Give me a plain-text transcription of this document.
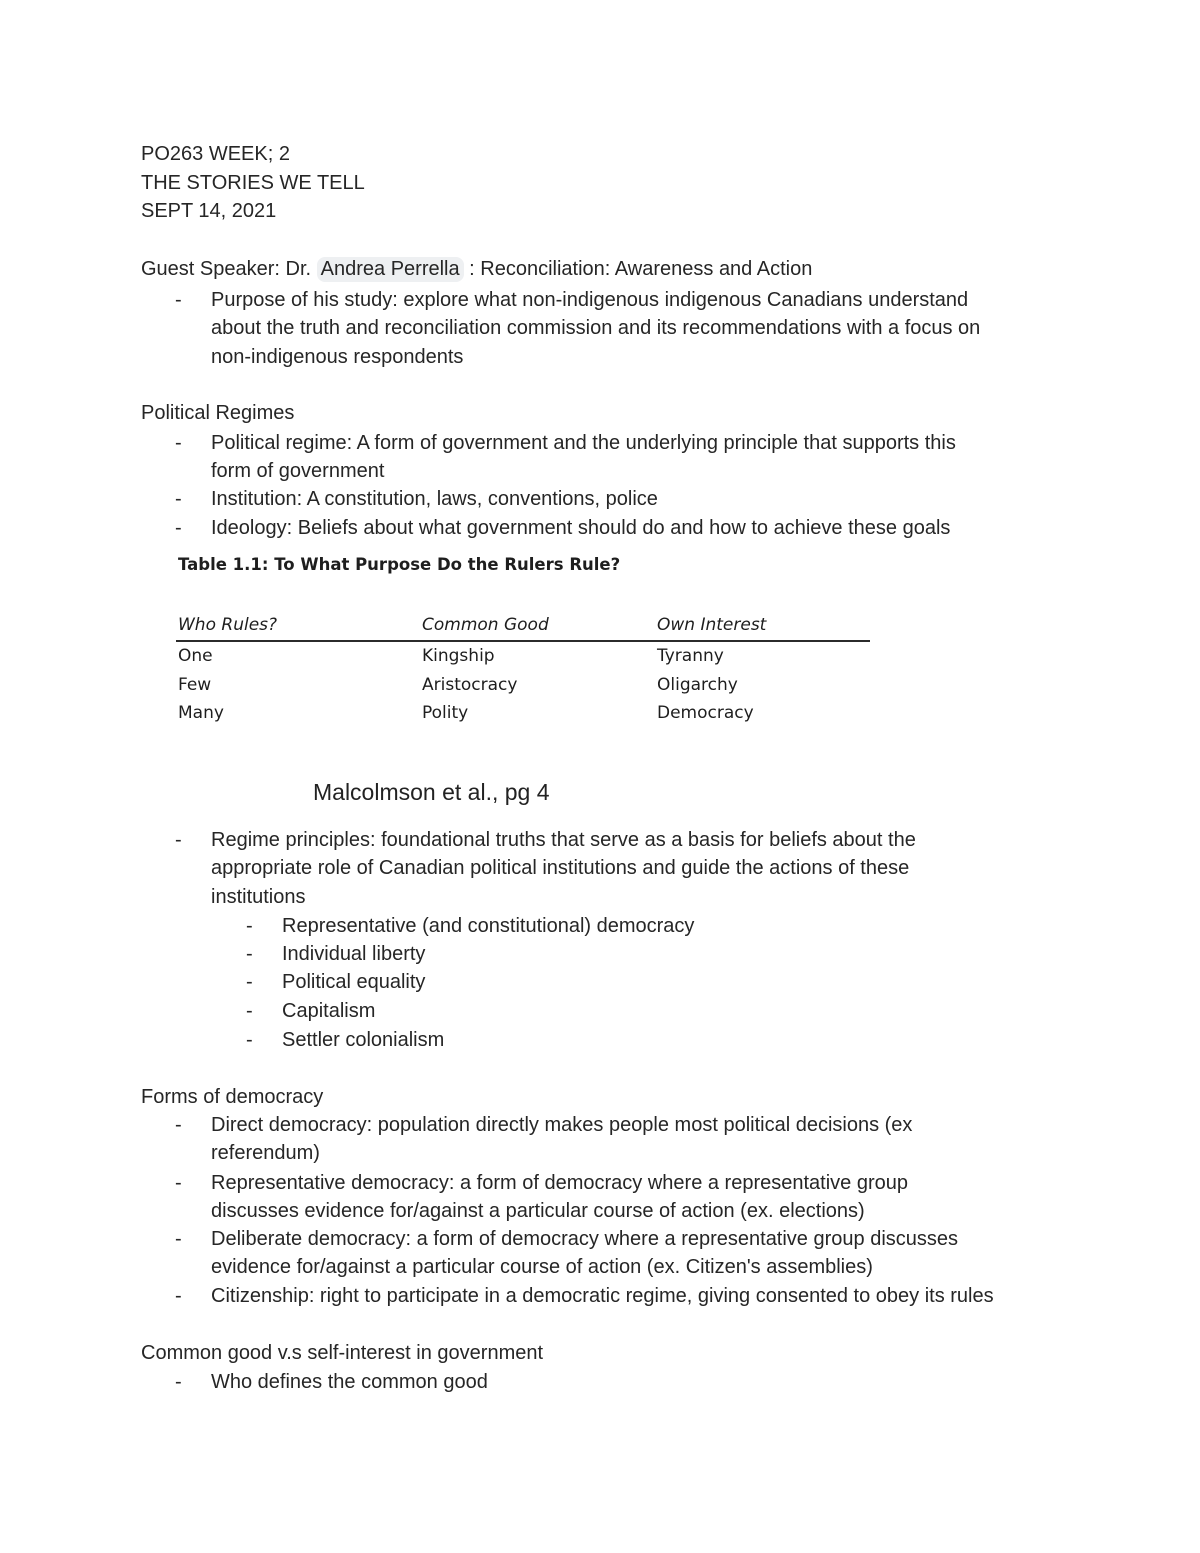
PO263 WEEK; 2
THE STORIES WE TELL
SEPT 14, 2021
Guest Speaker: Dr. Andrea Perrella : Reconciliation: Awareness and Action
- Purpose of his study: explore what non-indigenous indigenous Canadians understand
about the truth and reconciliation commission and its recommendations with a focus on
non-indigenous respondents
Political Regimes
- Political regime: A form of government and the underlying principle that supports this
form of government
- Institution: A constitution, laws, conventions, police
- Ideology: Beliefs about what government should do and how to achieve these goals
Table 1.1: To What Purpose Do the Rulers Rule?
Who Rules?	Common Good	Own Interest
One	Kingship	Tyranny
Few	Aristocracy	Oligarchy
Many	Polity	Democracy
Malcolmson et al., pg 4
- Regime principles: foundational truths that serve as a basis for beliefs about the
appropriate role of Canadian political institutions and guide the actions of these
institutions
- Representative (and constitutional) democracy
- Individual liberty
- Political equality
- Capitalism
- Settler colonialism
Forms of democracy
- Direct democracy: population directly makes people most political decisions (ex
referendum)
- Representative democracy: a form of democracy where a representative group
discusses evidence for/against a particular course of action (ex. elections)
- Deliberate democracy: a form of democracy where a representative group discusses
evidence for/against a particular course of action (ex. Citizen's assemblies)
- Citizenship: right to participate in a democratic regime, giving consented to obey its rules
Common good v.s self-interest in government
- Who defines the common good
